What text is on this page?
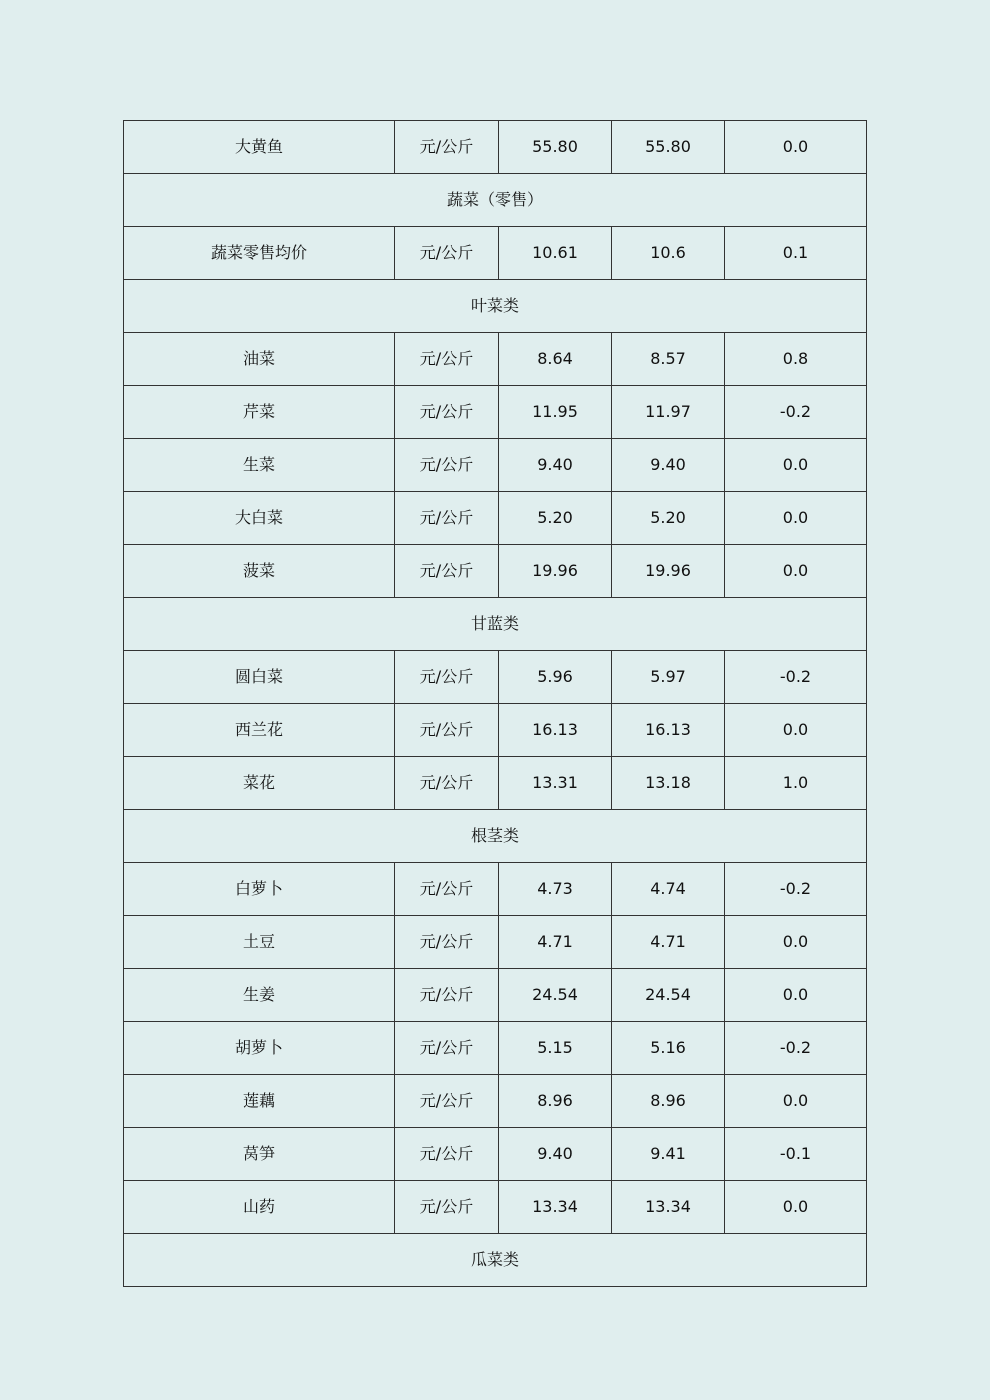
大黄鱼	元/公斤	55.80	55.80	0.0
蔬菜（零售）				
蔬菜零售均价	元/公斤	10.61	10.6	0.1
叶菜类				
油菜	元/公斤	8.64	8.57	0.8
芹菜	元/公斤	11.95	11.97	-0.2
生菜	元/公斤	9.40	9.40	0.0
大白菜	元/公斤	5.20	5.20	0.0
菠菜	元/公斤	19.96	19.96	0.0
甘蓝类				
圆白菜	元/公斤	5.96	5.97	-0.2
西兰花	元/公斤	16.13	16.13	0.0
菜花	元/公斤	13.31	13.18	1.0
根茎类				
白萝卜	元/公斤	4.73	4.74	-0.2
土豆	元/公斤	4.71	4.71	0.0
生姜	元/公斤	24.54	24.54	0.0
胡萝卜	元/公斤	5.15	5.16	-0.2
莲藕	元/公斤	8.96	8.96	0.0
莴笋	元/公斤	9.40	9.41	-0.1
山药	元/公斤	13.34	13.34	0.0
瓜菜类				
